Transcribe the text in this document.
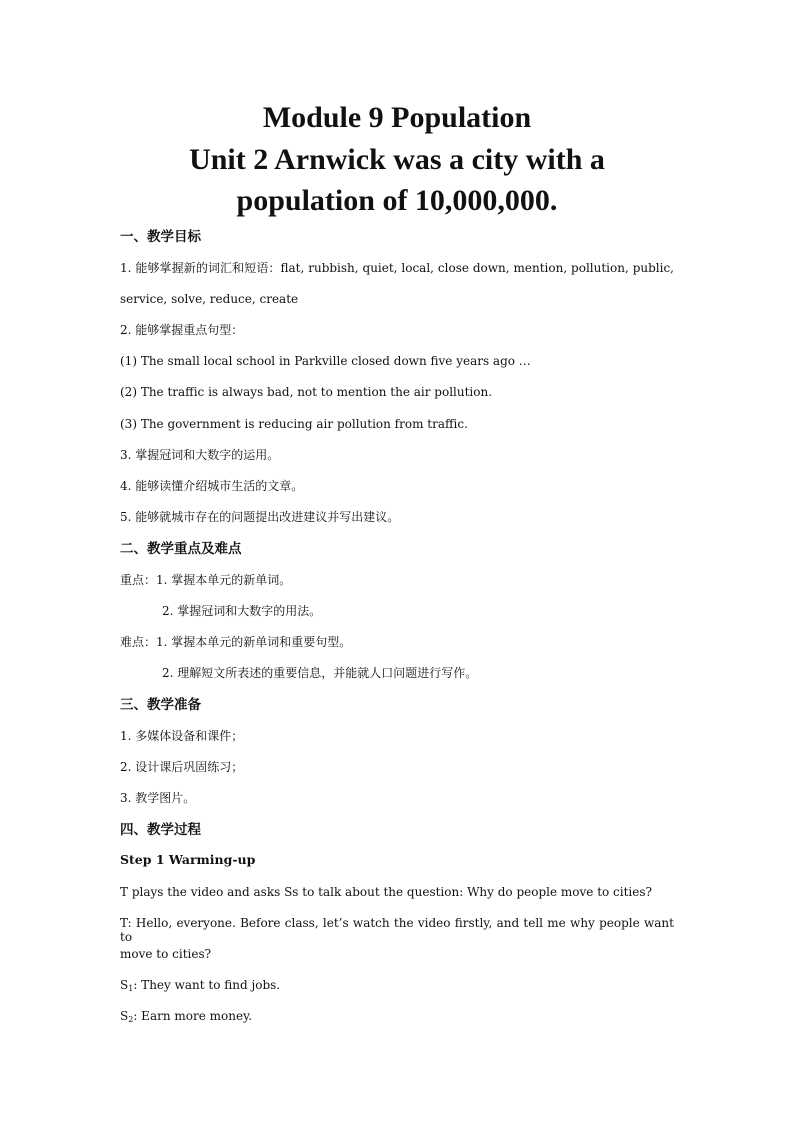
Module 9 Population
Unit 2 Arnwick was a city with a
population of 10,000,000.
一、教学目标
1. 能够掌握新的词汇和短语：flat, rubbish, quiet, local, close down, mention, pollution, public,
service, solve, reduce, create
2. 能够掌握重点句型：
(1) The small local school in Parkville closed down five years ago …
(2) The traffic is always bad, not to mention the air pollution.
(3) The government is reducing air pollution from traffic.
3. 掌握冠词和大数字的运用。
4. 能够读懂介绍城市生活的文章。
5. 能够就城市存在的问题提出改进建议并写出建议。
二、教学重点及难点
重点：1. 掌握本单元的新单词。
2. 掌握冠词和大数字的用法。
难点：1. 掌握本单元的新单词和重要句型。
2. 理解短文所表述的重要信息，并能就人口问题进行写作。
三、教学准备
1. 多媒体设备和课件；
2. 设计课后巩固练习；
3. 教学图片。
四、教学过程
Step 1 Warming-up
T plays the video and asks Ss to talk about the question: Why do people move to cities?
T: Hello, everyone. Before class, let’s watch the video firstly, and tell me why people want to
move to cities?
$S_1$: They want to find jobs.
$S_2$: Earn more money.
